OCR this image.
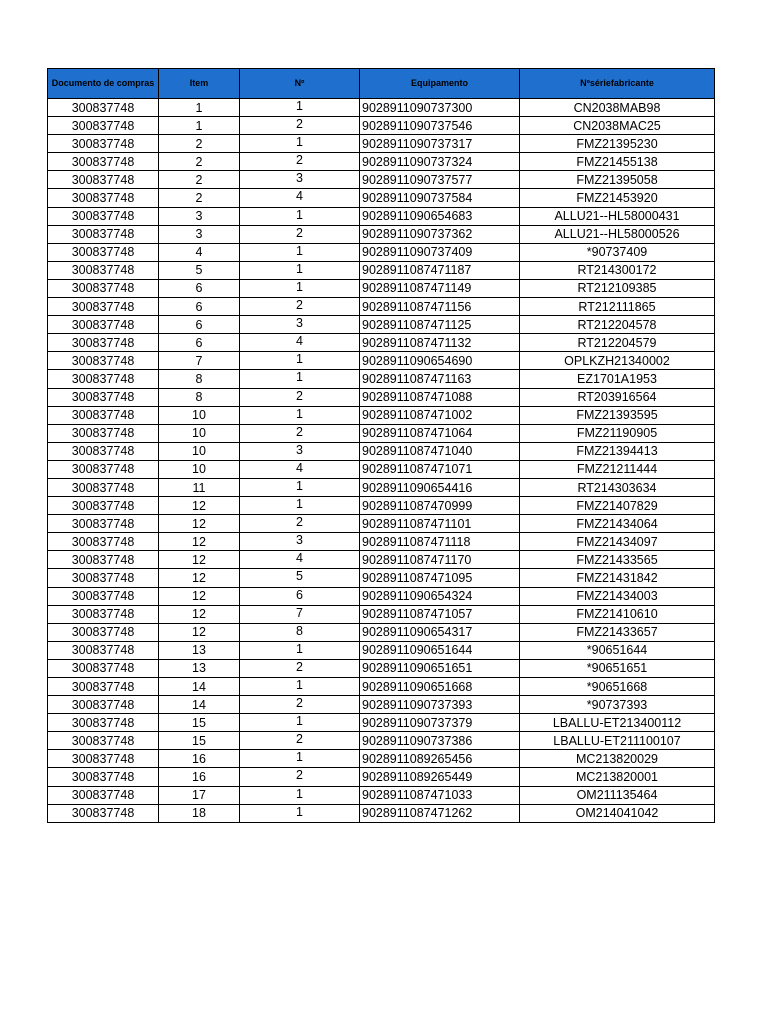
Documento de compras	Item	Nº	Equipamento	Nºsériefabricante
300837748	1	1	9028911090737300	CN2038MAB98
300837748	1	2	9028911090737546	CN2038MAC25
300837748	2	1	9028911090737317	FMZ21395230
300837748	2	2	9028911090737324	FMZ21455138
300837748	2	3	9028911090737577	FMZ21395058
300837748	2	4	9028911090737584	FMZ21453920
300837748	3	1	9028911090654683	ALLU21--HL58000431
300837748	3	2	9028911090737362	ALLU21--HL58000526
300837748	4	1	9028911090737409	*90737409
300837748	5	1	9028911087471187	RT214300172
300837748	6	1	9028911087471149	RT212109385
300837748	6	2	9028911087471156	RT212111865
300837748	6	3	9028911087471125	RT212204578
300837748	6	4	9028911087471132	RT212204579
300837748	7	1	9028911090654690	OPLKZH21340002
300837748	8	1	9028911087471163	EZ1701A1953
300837748	8	2	9028911087471088	RT203916564
300837748	10	1	9028911087471002	FMZ21393595
300837748	10	2	9028911087471064	FMZ21190905
300837748	10	3	9028911087471040	FMZ21394413
300837748	10	4	9028911087471071	FMZ21211444
300837748	11	1	9028911090654416	RT214303634
300837748	12	1	9028911087470999	FMZ21407829
300837748	12	2	9028911087471101	FMZ21434064
300837748	12	3	9028911087471118	FMZ21434097
300837748	12	4	9028911087471170	FMZ21433565
300837748	12	5	9028911087471095	FMZ21431842
300837748	12	6	9028911090654324	FMZ21434003
300837748	12	7	9028911087471057	FMZ21410610
300837748	12	8	9028911090654317	FMZ21433657
300837748	13	1	9028911090651644	*90651644
300837748	13	2	9028911090651651	*90651651
300837748	14	1	9028911090651668	*90651668
300837748	14	2	9028911090737393	*90737393
300837748	15	1	9028911090737379	LBALLU-ET213400112
300837748	15	2	9028911090737386	LBALLU-ET211100107
300837748	16	1	9028911089265456	MC213820029
300837748	16	2	9028911089265449	MC213820001
300837748	17	1	9028911087471033	OM211135464
300837748	18	1	9028911087471262	OM214041042
